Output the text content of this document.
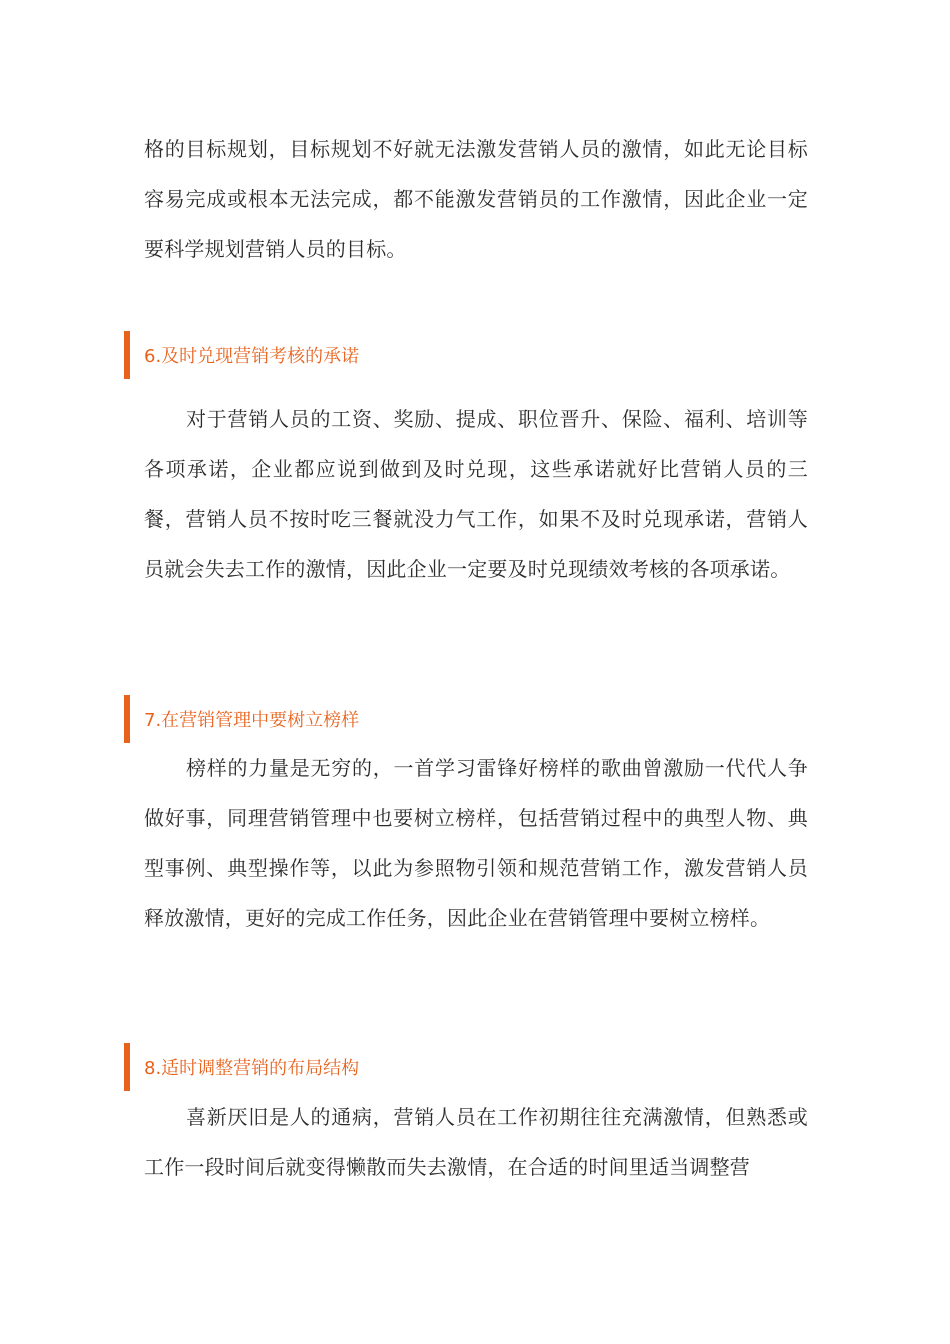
格的目标规划，目标规划不好就无法激发营销人员的激情，如此无论目标容易完成或根本无法完成，都不能激发营销员的工作激情，因此企业一定要科学规划营销人员的目标。

6.及时兑现营销考核的承诺

对于营销人员的工资、奖励、提成、职位晋升、保险、福利、培训等各项承诺，企业都应说到做到及时兑现，这些承诺就好比营销人员的三餐，营销人员不按时吃三餐就没力气工作，如果不及时兑现承诺，营销人员就会失去工作的激情，因此企业一定要及时兑现绩效考核的各项承诺。

7.在营销管理中要树立榜样

榜样的力量是无穷的，一首学习雷锋好榜样的歌曲曾激励一代代人争做好事，同理营销管理中也要树立榜样，包括营销过程中的典型人物、典型事例、典型操作等，以此为参照物引领和规范营销工作，激发营销人员释放激情，更好的完成工作任务，因此企业在营销管理中要树立榜样。

8.适时调整营销的布局结构

喜新厌旧是人的通病，营销人员在工作初期往往充满激情，但熟悉或工作一段时间后就变得懒散而失去激情，在合适的时间里适当调整营
